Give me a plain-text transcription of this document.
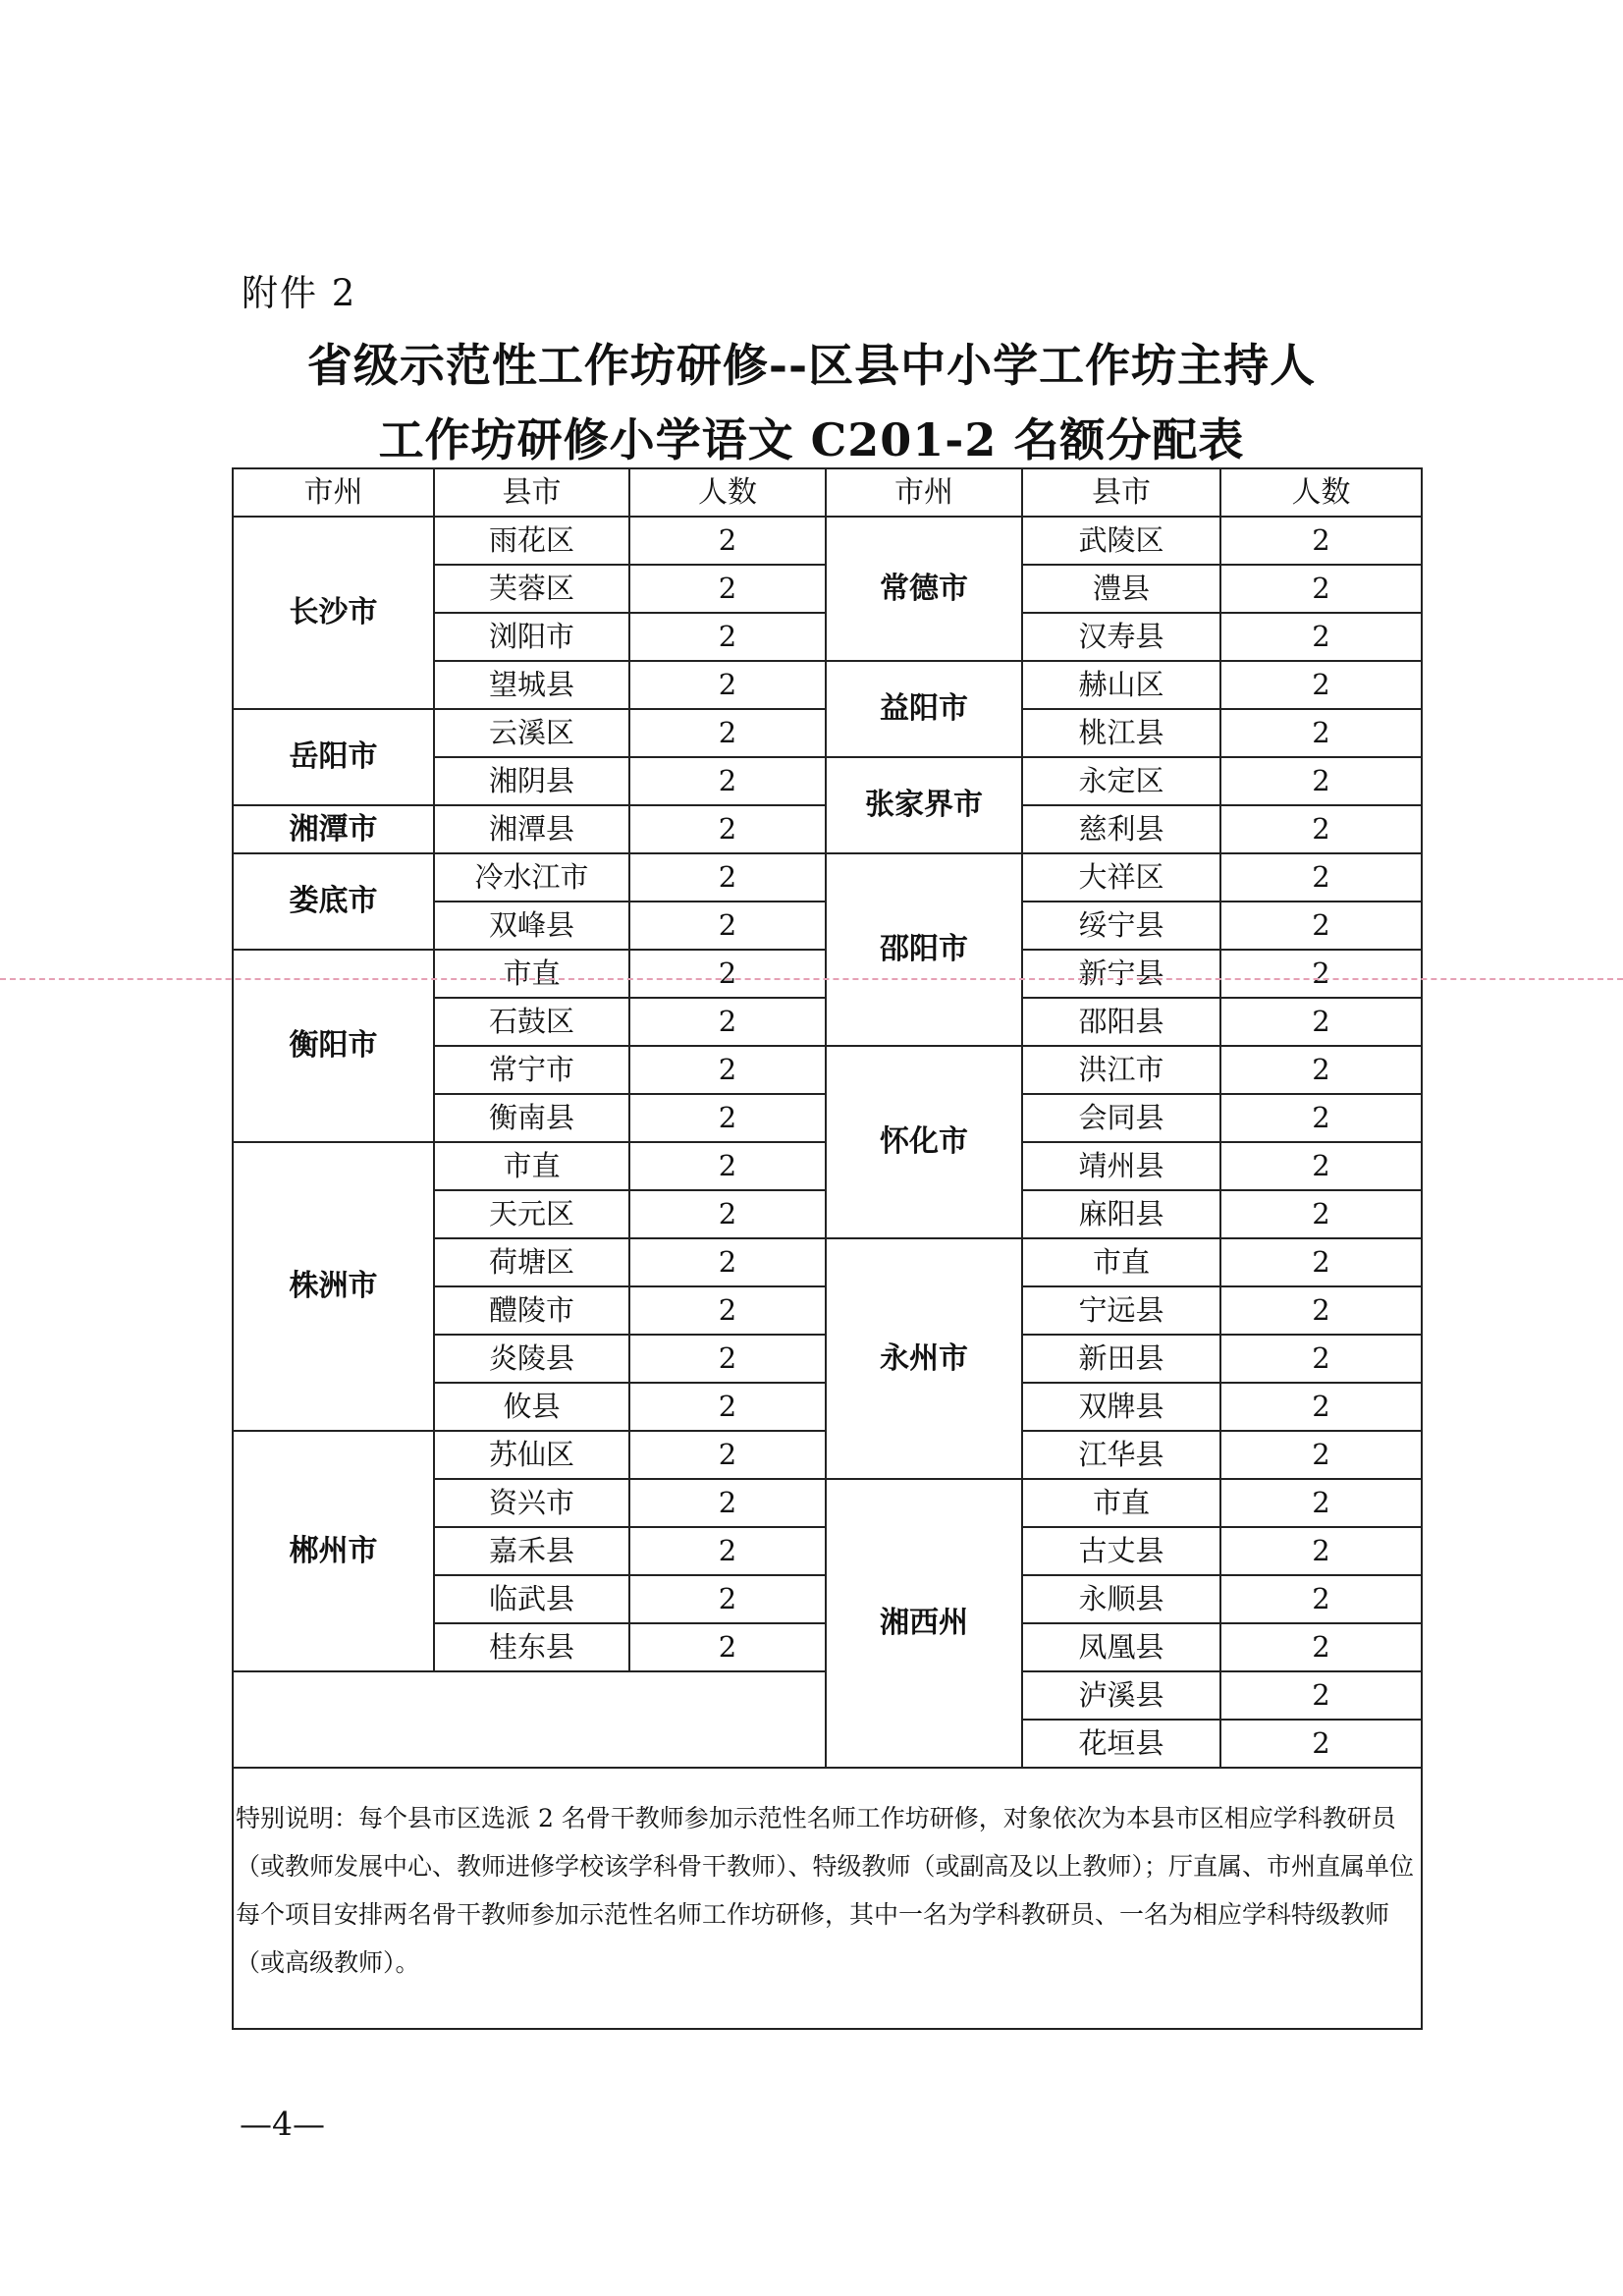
附件 2
省级示范性工作坊研修--区县中小学工作坊主持人
工作坊研修小学语文 C201-2 名额分配表
市州	县市	人数	市州	县市	人数
长沙市	雨花区	2	常德市	武陵区	2
	芙蓉区	2		澧县	2
	浏阳市	2		汉寿县	2
	望城县	2	益阳市	赫山区	2
岳阳市	云溪区	2		桃江县	2
	湘阴县	2	张家界市	永定区	2
湘潭市	湘潭县	2		慈利县	2
娄底市	冷水江市	2	邵阳市	大祥区	2
	双峰县	2		绥宁县	2
衡阳市	市直	2		新宁县	2
	石鼓区	2		邵阳县	2
	常宁市	2	怀化市	洪江市	2
	衡南县	2		会同县	2
株洲市	市直	2		靖州县	2
	天元区	2		麻阳县	2
	荷塘区	2	永州市	市直	2
	醴陵市	2		宁远县	2
	炎陵县	2		新田县	2
	攸县	2		双牌县	2
郴州市	苏仙区	2		江华县	2
	资兴市	2	湘西州	市直	2
	嘉禾县	2		古丈县	2
	临武县	2		永顺县	2
	桂东县	2		凤凰县	2
				泸溪县	2
				花垣县	2
特别说明：每个县市区选派 2 名骨干教师参加示范性名师工作坊研修，对象依次为本县市区相应学科教研员（或教师发展中心、教师进修学校该学科骨干教师）、特级教师（或副高及以上教师）；厅直属、市州直属单位每个项目安排两名骨干教师参加示范性名师工作坊研修，其中一名为学科教研员、一名为相应学科特级教师（或高级教师）。					
—4—
